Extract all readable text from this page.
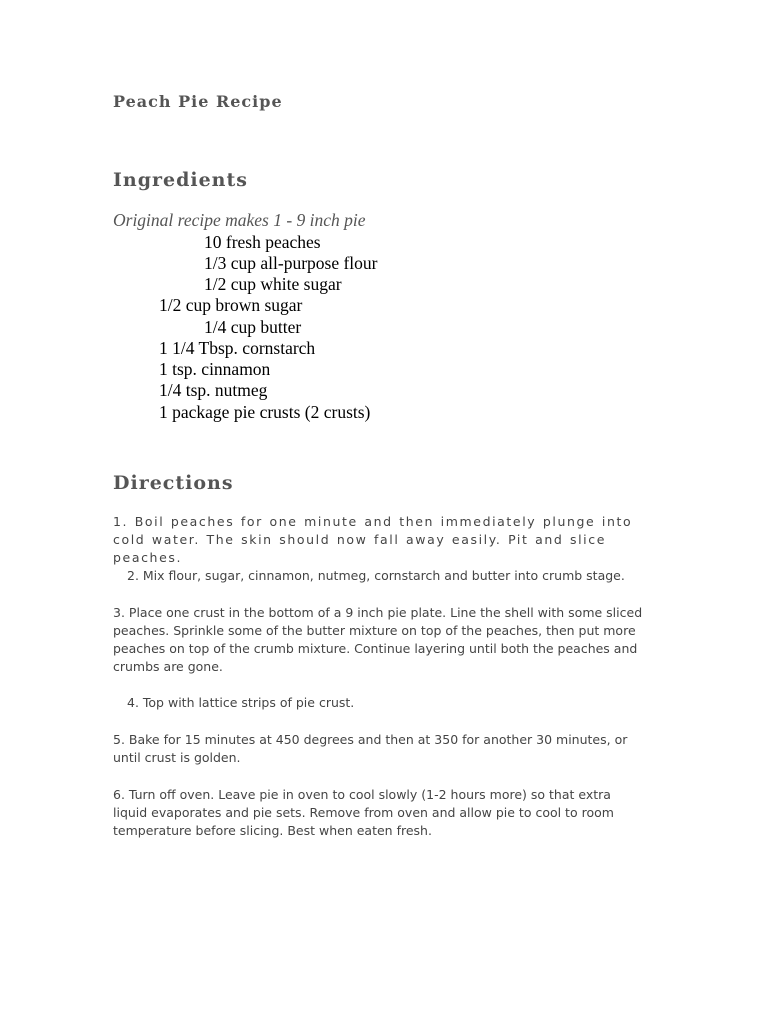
Peach Pie Recipe
Ingredients
Original recipe makes 1 - 9 inch pie
10 fresh peaches
1/3 cup all-purpose flour
1/2 cup white sugar
1/2 cup brown sugar
1/4 cup butter
1 1/4 Tbsp. cornstarch
1 tsp. cinnamon
1/4 tsp. nutmeg
1 package pie crusts (2 crusts)
Directions

1. Boil peaches for one minute and then immediately plunge into cold water. The skin should now fall away easily. Pit and slice peaches.

2. Mix flour, sugar, cinnamon, nutmeg, cornstarch and butter into crumb stage.

3. Place one crust in the bottom of a 9 inch pie plate. Line the shell with some sliced peaches. Sprinkle some of the butter mixture on top of the peaches, then put more peaches on top of the crumb mixture. Continue layering until both the peaches and crumbs are gone.

4. Top with lattice strips of pie crust.

5. Bake for 15 minutes at 450 degrees and then at 350 for another 30 minutes, or until crust is golden.

6. Turn off oven. Leave pie in oven to cool slowly (1-2 hours more) so that extra liquid evaporates and pie sets. Remove from oven and allow pie to cool to room temperature before slicing. Best when eaten fresh.
